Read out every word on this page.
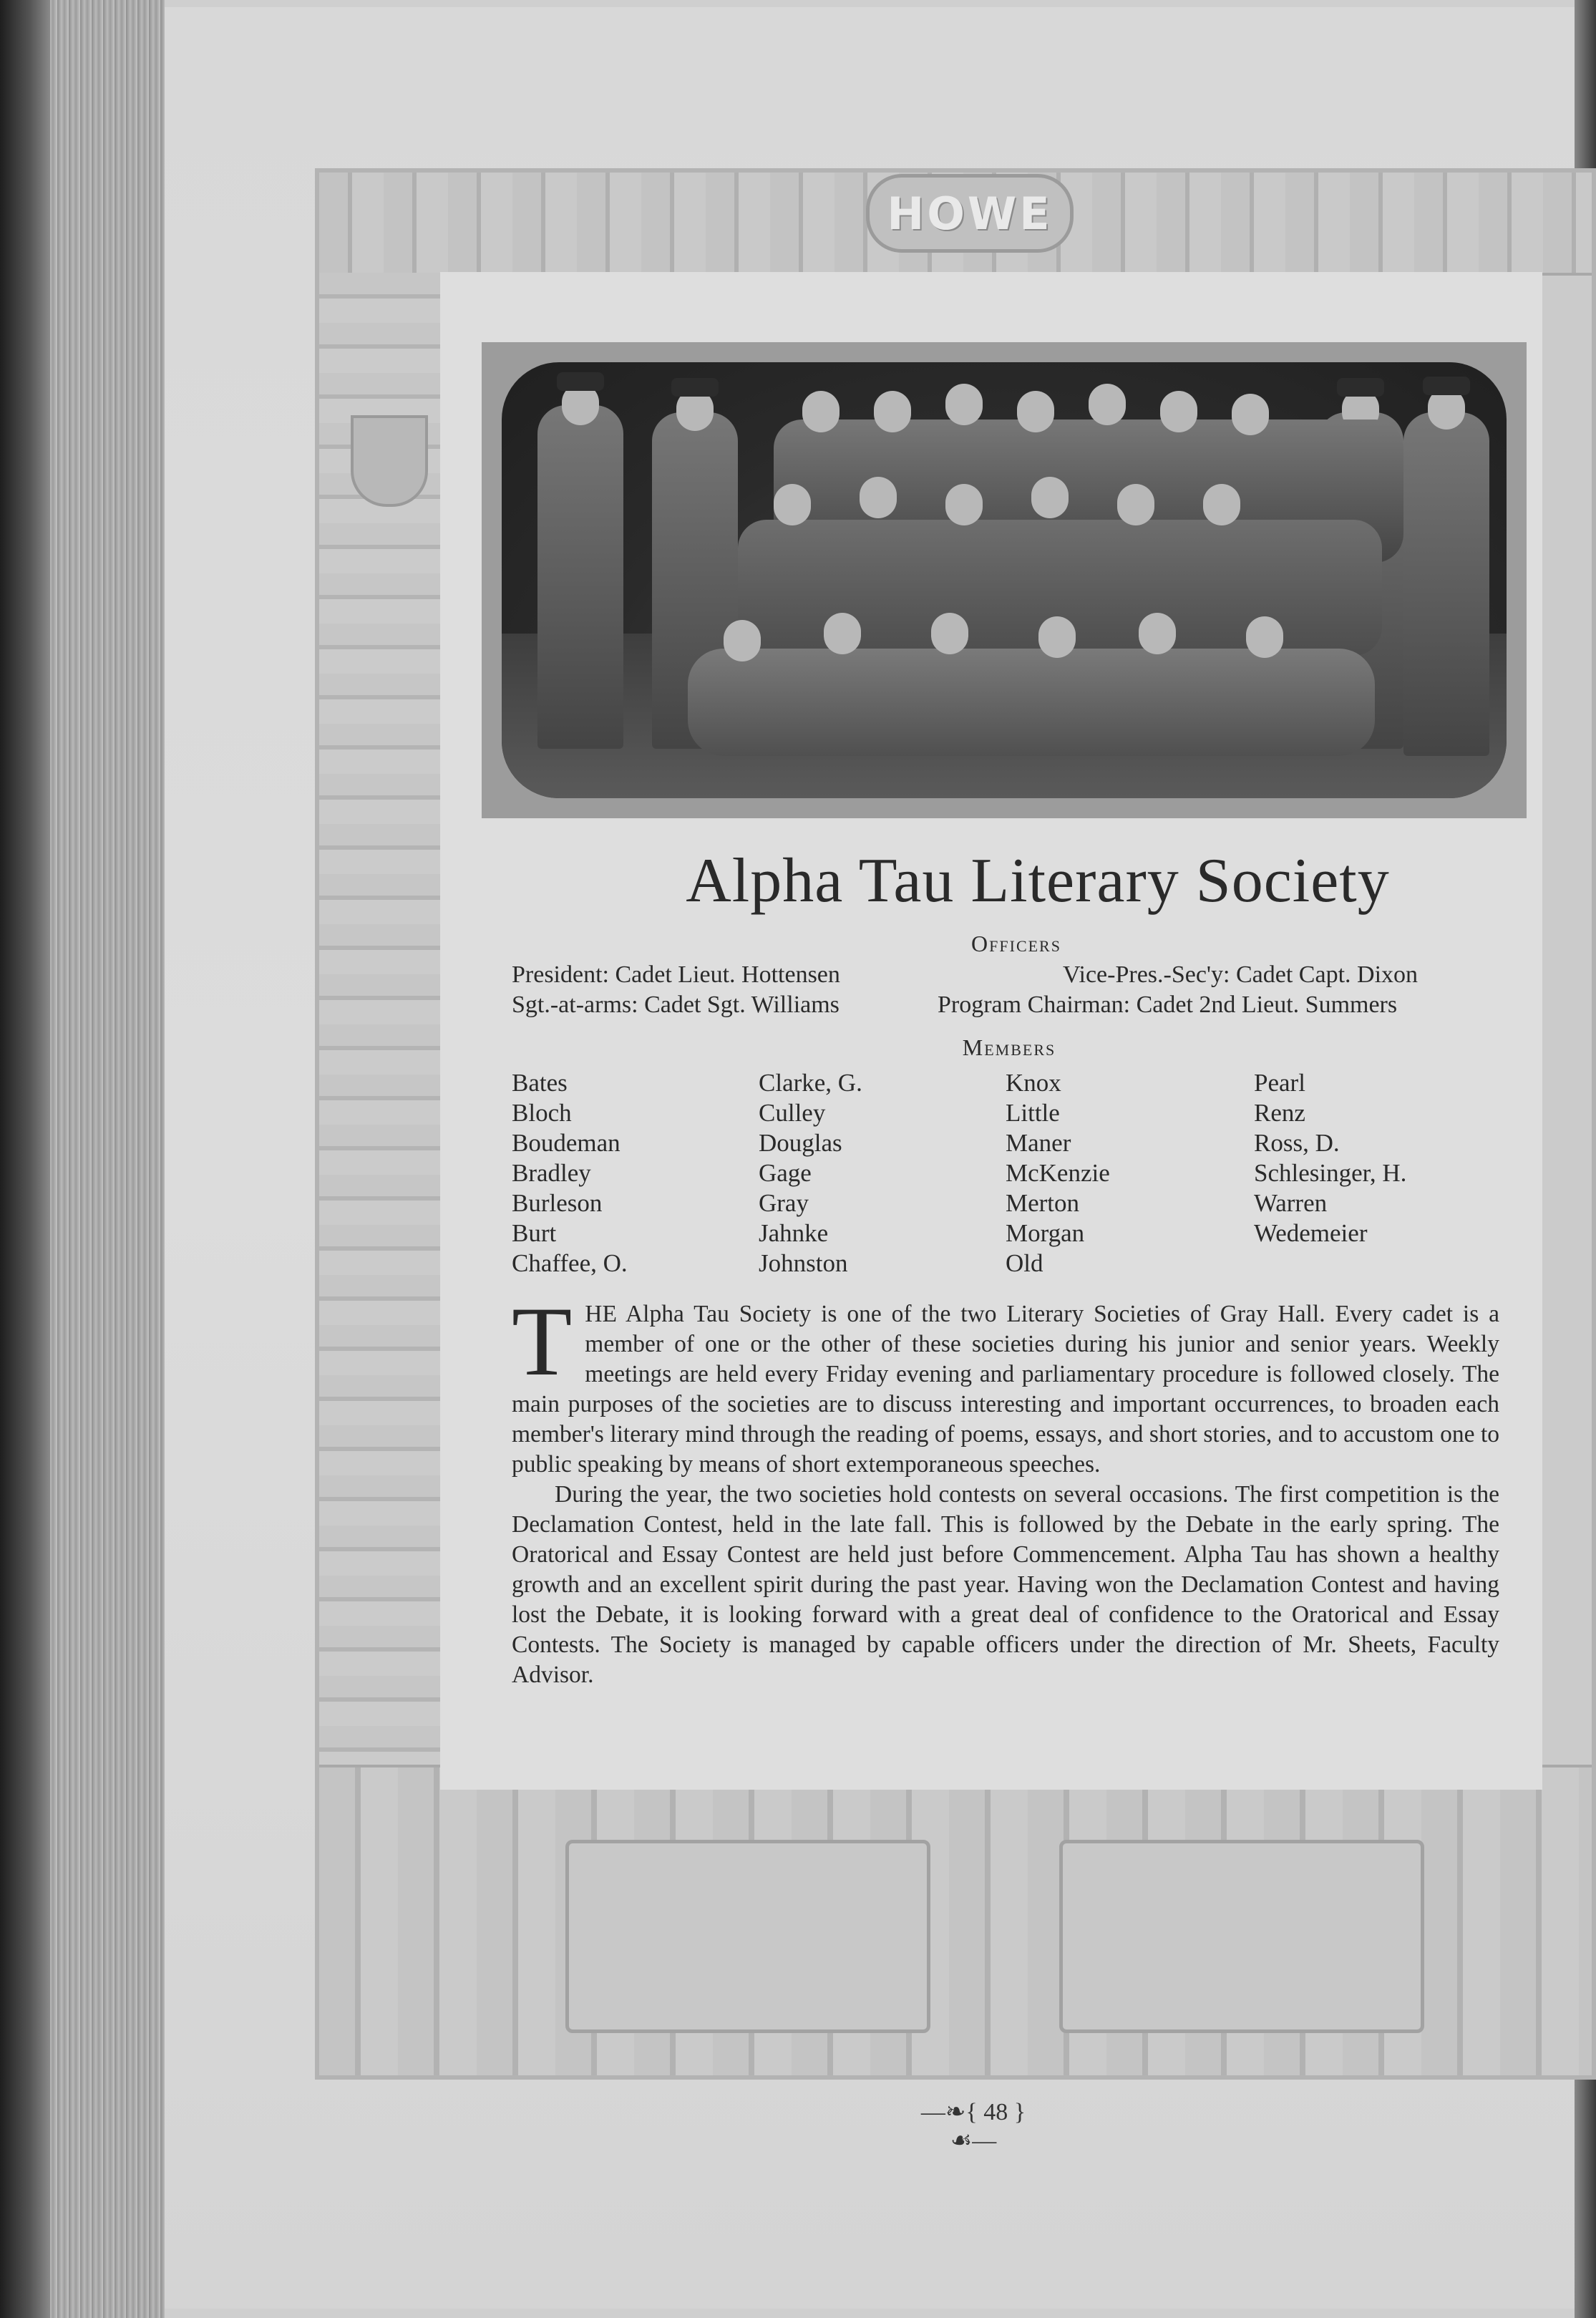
HOWE
Alpha Tau Literary Society
Officers
President: Cadet Lieut. Hottensen	Vice-Pres.-Sec'y: Cadet Capt. Dixon
Sgt.-at-arms: Cadet Sgt. Williams	Program Chairman: Cadet 2nd Lieut. Summers
Members
Bates
Bloch
Boudeman
Bradley
Burleson
Burt
Chaffee, O.
Clarke, G.
Culley
Douglas
Gage
Gray
Jahnke
Johnston
Knox
Little
Maner
McKenzie
Merton
Morgan
Old
Pearl
Renz
Ross, D.
Schlesinger, H.
Warren
Wedemeier

THE Alpha Tau Society is one of the two Literary Societies of Gray Hall. Every cadet is a member of one or the other of these societies during his junior and senior years. Weekly meetings are held every Friday evening and parliamentary procedure is followed closely. The main purposes of the societies are to discuss interesting and important occurrences, to broaden each member's literary mind through the reading of poems, essays, and short stories, and to accustom one to public speaking by means of short extemporaneous speeches.

During the year, the two societies hold contests on several occasions. The first competition is the Declamation Contest, held in the late fall. This is followed by the Debate in the early spring. The Oratorical and Essay Contest are held just before Commencement. Alpha Tau has shown a healthy growth and an excellent spirit during the past year. Having won the Declamation Contest and having lost the Debate, it is looking forward with a great deal of confidence to the Oratorical and Essay Contests. The Society is managed by capable officers under the direction of Mr. Sheets, Faculty Advisor.

—❧{ 48 }☙—
